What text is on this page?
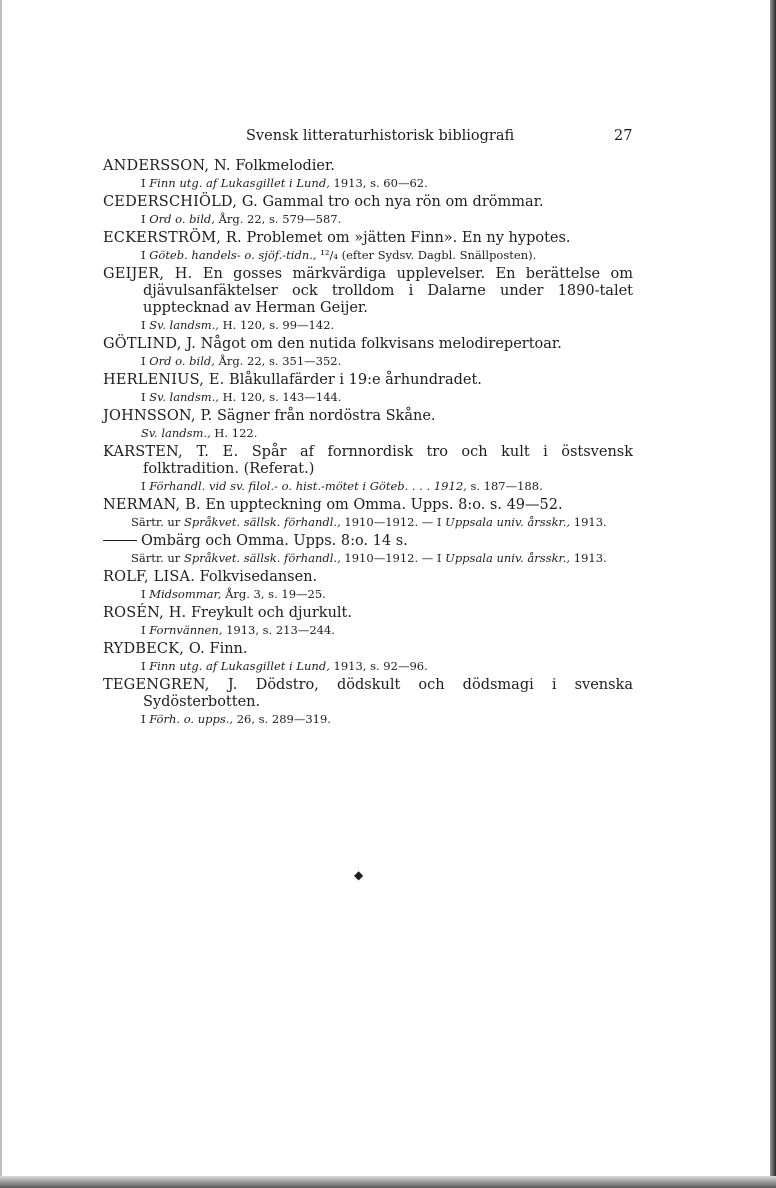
Svensk litteraturhistorisk bibliografi	27

ANDERSSON, N. Folkmelodier.

I Finn utg. af Lukasgillet i Lund, 1913, s. 60—62.

CEDERSCHIÖLD, G. Gammal tro och nya rön om drömmar.

I Ord o. bild, Årg. 22, s. 579—587.

ECKERSTRÖM, R. Problemet om »jätten Finn». En ny hypotes.

I Göteb. handels- o. sjöf.-tidn., ¹²/₄ (efter Sydsv. Dagbl. Snällposten).

GEIJER, H. En gosses märkvärdiga upplevelser. En berättelse om djävulsanfäktelser ock trolldom i Dalarne under 1890-talet upptecknad av Herman Geijer.

I Sv. landsm., H. 120, s. 99—142.

GÖTLIND, J. Något om den nutida folkvisans melodirepertoar.

I Ord o. bild, Årg. 22, s. 351—352.

HERLENIUS, E. Blåkullafärder i 19:e århundradet.

I Sv. landsm., H. 120, s. 143—144.

JOHNSSON, P. Sägner från nordöstra Skåne.

Sv. landsm., H. 122.

KARSTEN, T. E. Spår af fornnordisk tro och kult i östsvensk folktradition. (Referat.)

I Förhandl. vid sv. filol.- o. hist.-mötet i Göteb. . . . 1912, s. 187—188.

NERMAN, B. En uppteckning om Omma. Upps. 8:o. s. 49—52.

Särtr. ur Språkvet. sällsk. förhandl., 1910—1912. — I Uppsala univ. årsskr., 1913.

Ombärg och Omma. Upps. 8:o. 14 s.

Särtr. ur Språkvet. sällsk. förhandl., 1910—1912. — I Uppsala univ. årsskr., 1913.

ROLF, LISA. Folkvisedansen.

I Midsommar, Årg. 3, s. 19—25.

ROSÉN, H. Freykult och djurkult.

I Fornvännen, 1913, s. 213—244.

RYDBECK, O. Finn.

I Finn utg. af Lukasgillet i Lund, 1913, s. 92—96.

TEGENGREN, J. Dödstro, dödskult och dödsmagi i svenska Sydösterbotten.

I Förh. o. upps., 26, s. 289—319.

◆
